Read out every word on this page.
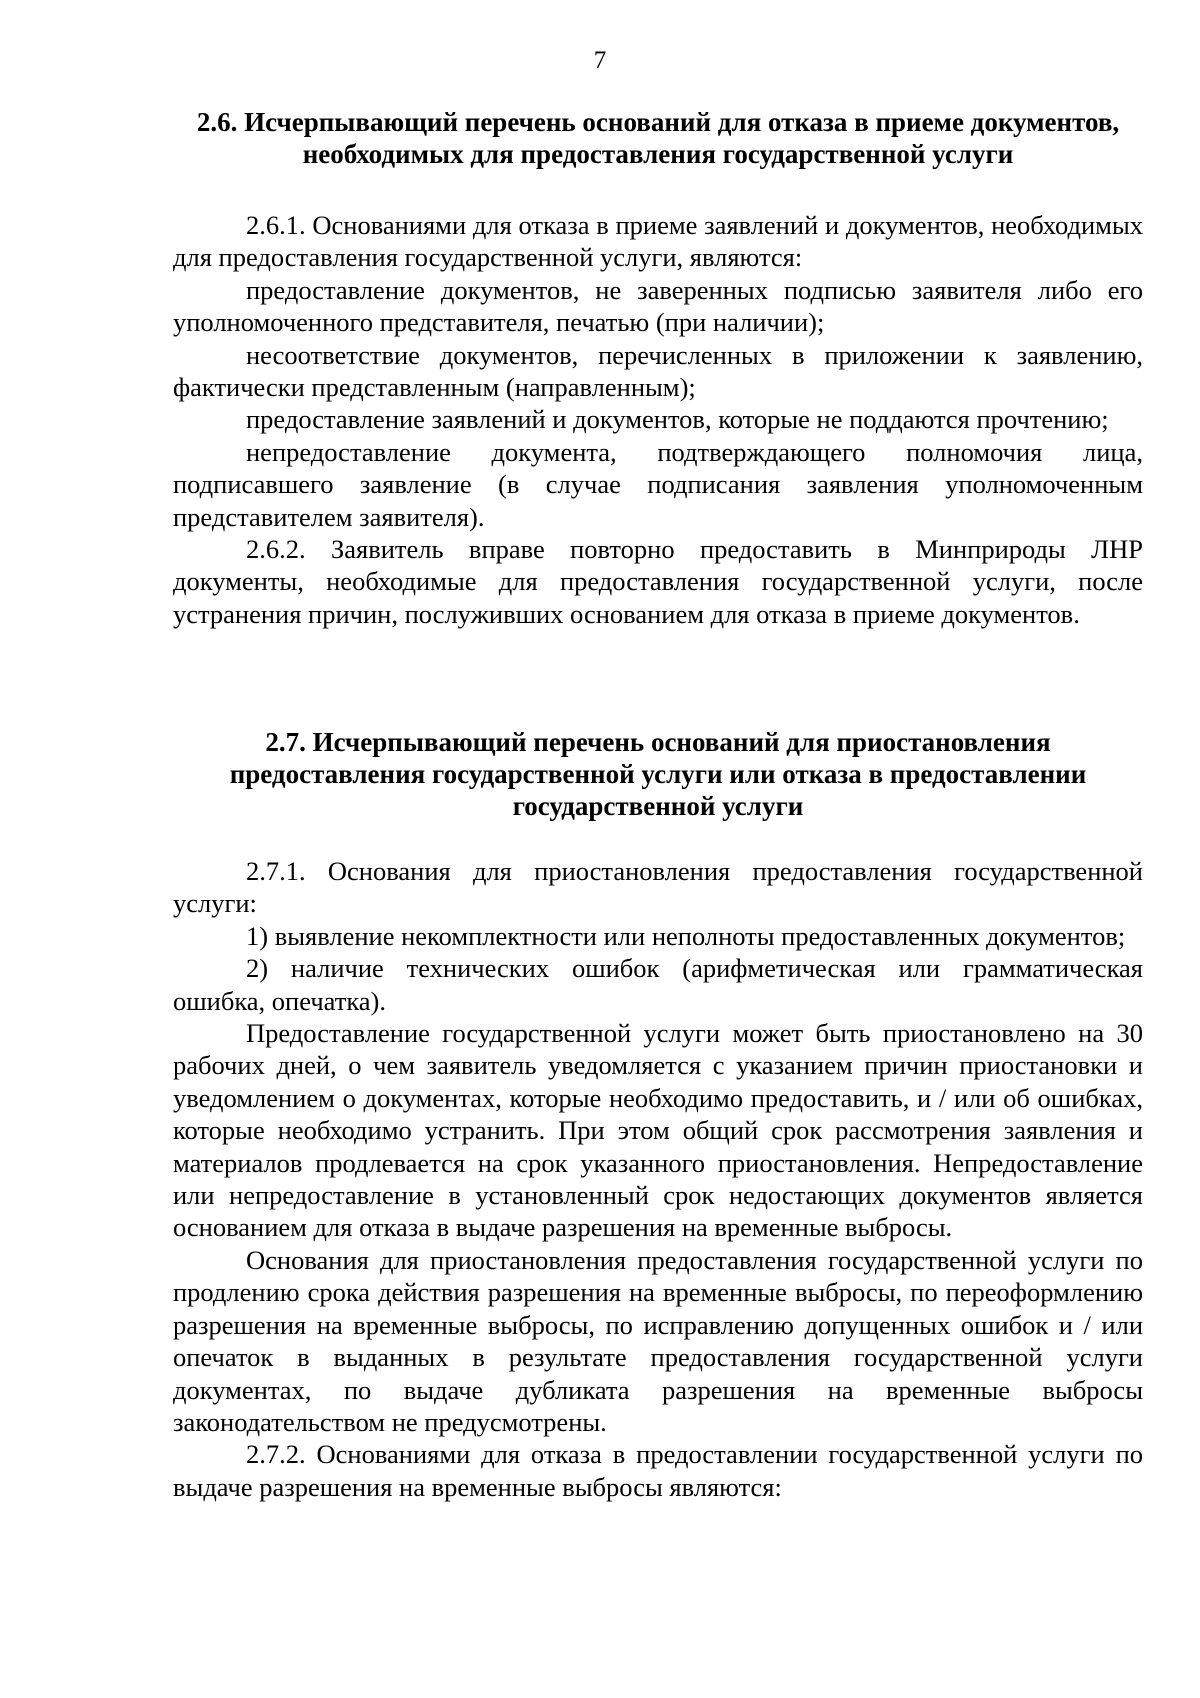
7
2.6. Исчерпывающий перечень оснований для отказа в приеме документов,
необходимых для предоставления государственной услуги

2.6.1. Основаниями для отказа в приеме заявлений и документов, необходимых для предоставления государственной услуги, являются:

предоставление документов, не заверенных подписью заявителя либо его уполномоченного представителя, печатью (при наличии);

несоответствие документов, перечисленных в приложении к заявлению, фактически представленным (направленным);

предоставление заявлений и документов, которые не поддаются прочтению;

непредоставление документа, подтверждающего полномочия лица, подписавшего заявление (в случае подписания заявления уполномоченным представителем заявителя).

2.6.2. Заявитель вправе повторно предоставить в Минприроды ЛНР документы, необходимые для предоставления государственной услуги, после устранения причин, послуживших основанием для отказа в приеме документов.

2.7. Исчерпывающий перечень оснований для приостановления
предоставления государственной услуги или отказа в предоставлении
государственной услуги

2.7.1. Основания для приостановления предоставления государственной услуги:

1) выявление некомплектности или неполноты предоставленных документов;

2) наличие технических ошибок (арифметическая или грамматическая ошибка, опечатка).

Предоставление государственной услуги может быть приостановлено на 30 рабочих дней, о чем заявитель уведомляется с указанием причин приостановки и уведомлением о документах, которые необходимо предоставить, и / или об ошибках, которые необходимо устранить. При этом общий срок рассмотрения заявления и материалов продлевается на срок указанного приостановления. Непредоставление или непредоставление в установленный срок недостающих документов является основанием для отказа в выдаче разрешения на временные выбросы.

Основания для приостановления предоставления государственной услуги по продлению срока действия разрешения на временные выбросы, по переоформлению разрешения на временные выбросы, по исправлению допущенных ошибок и / или опечаток в выданных в результате предоставления государственной услуги документах, по выдаче дубликата разрешения на временные выбросы законодательством не предусмотрены.

2.7.2. Основаниями для отказа в предоставлении государственной услуги по выдаче разрешения на временные выбросы являются:
